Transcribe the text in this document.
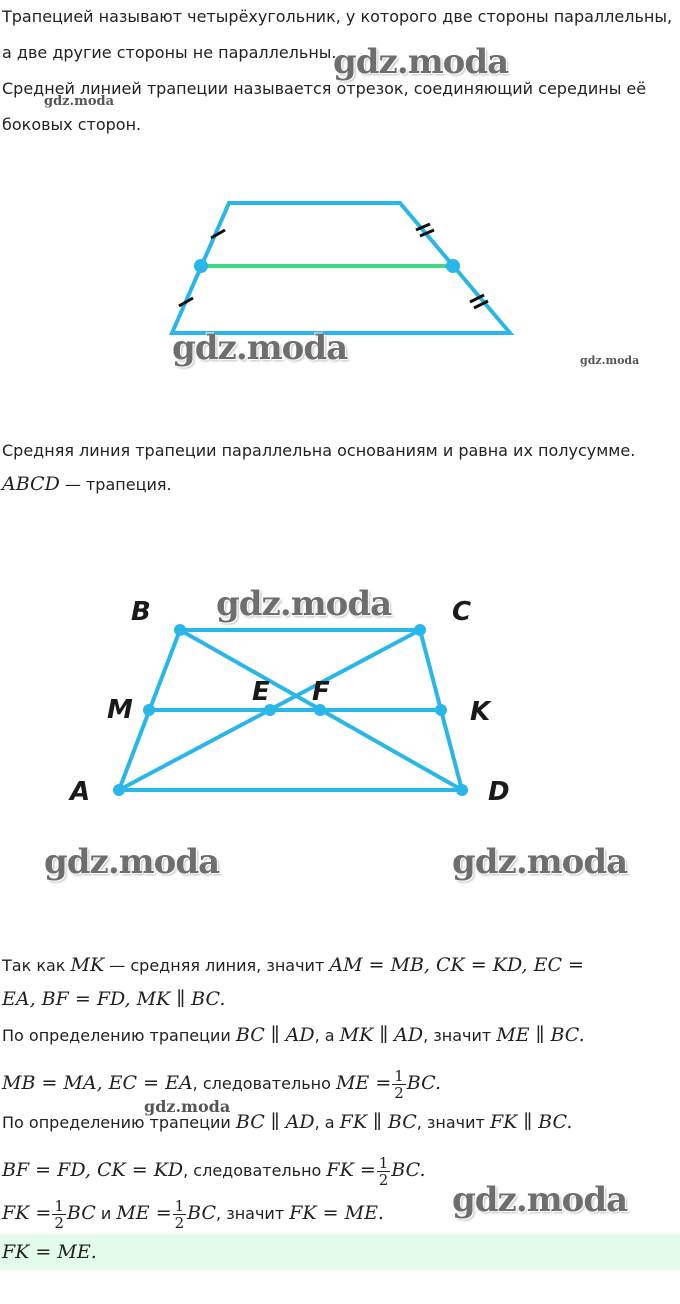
Трапецией называют четырёхугольник, у которого две стороны параллельны,
а две другие стороны не параллельны.
Средней линией трапеции называется отрезок, соединяющий середины её
боковых сторон.
Средняя линия трапеции параллельна основаниям и равна их полусумме.
ABCD — трапеция.
B	C
M	K
E F
A	D
Так как MK — средняя линия, значит AM = MB, CK = KD, EC =
EA, BF = FD, MK ∥ BC.
По определению трапеции BC ∥ AD, а MK ∥ AD, значит ME ∥ BC.
MB = MA, EC = EA, следовательно ME = $\frac{1}{2}$ BC.
По определению трапеции BC ∥ AD, а FK ∥ BC, значит FK ∥ BC.
BF = FD, CK = KD, следовательно FK = $\frac{1}{2}$ BC.
FK = $\frac{1}{2}$ BC и ME = $\frac{1}{2}$ BC, значит FK = ME.
FK = ME.
gdz.moda
gdz.moda
gdz.moda	gdz.moda
gdz.moda
gdz.moda	gdz.moda
gdz.moda
gdz.moda
